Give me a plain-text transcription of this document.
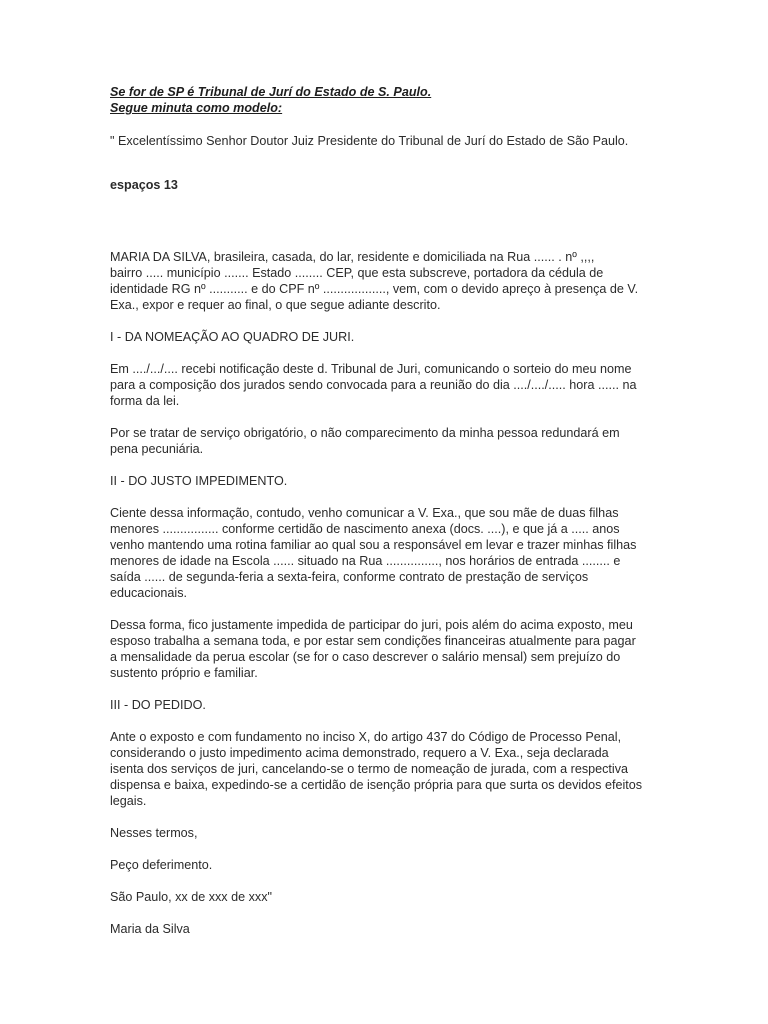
Se for de SP é Tribunal de Jurí do Estado de S. Paulo.
Segue minuta como modelo:
" Excelentíssimo Senhor Doutor Juiz Presidente do Tribunal de Jurí do Estado de São Paulo.
espaços 13
MARIA DA SILVA, brasileira, casada, do lar, residente e domiciliada na Rua ...... . nº ,,,,
bairro ..... município ....... Estado ........ CEP, que esta subscreve, portadora da cédula de
identidade RG nº ........... e do CPF nº .................., vem, com o devido apreço à presença de V.
Exa., expor e requer ao final, o que segue adiante descrito.
I - DA NOMEAÇÃO AO QUADRO DE JURI.
Em ..../.../.... recebi notificação deste d. Tribunal de Juri, comunicando o sorteio do meu nome
para a composição dos jurados sendo convocada para a reunião do dia ..../..../..... hora ...... na
forma da lei.
Por se tratar de serviço obrigatório, o não comparecimento da minha pessoa redundará em
pena pecuniária.
II - DO JUSTO IMPEDIMENTO.
Ciente dessa informação, contudo, venho comunicar a V. Exa., que sou mãe de duas filhas
menores ................ conforme certidão de nascimento anexa (docs. ....), e que já a ..... anos
venho mantendo uma rotina familiar ao qual sou a responsável em levar e trazer minhas filhas
menores de idade na Escola ...... situado na Rua ..............., nos horários de entrada ........ e
saída ...... de segunda-feria a sexta-feira, conforme contrato de prestação de serviços
educacionais.
Dessa forma, fico justamente impedida de participar do juri, pois além do acima exposto, meu
esposo trabalha a semana toda, e por estar sem condições financeiras atualmente para pagar
a mensalidade da perua escolar (se for o caso descrever o salário mensal) sem prejuízo do
sustento próprio e familiar.
III - DO PEDIDO.
Ante o exposto e com fundamento no inciso X, do artigo 437 do Código de Processo Penal,
considerando o justo impedimento acima demonstrado, requero a V. Exa., seja declarada
isenta dos serviços de juri, cancelando-se o termo de nomeação de jurada, com a respectiva
dispensa e baixa, expedindo-se a certidão de isenção própria para que surta os devidos efeitos
legais.
Nesses termos,
Peço deferimento.
São Paulo, xx de xxx de xxx"
Maria da Silva
